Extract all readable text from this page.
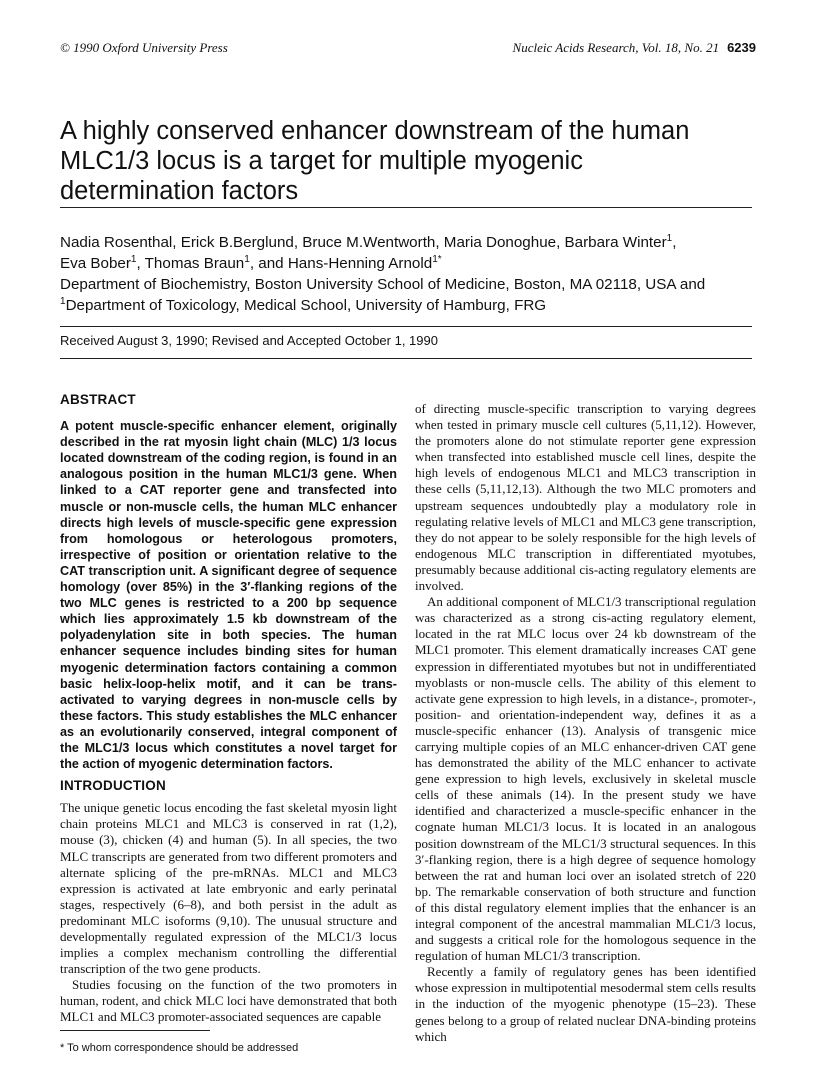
© 1990 Oxford University Press	Nucleic Acids Research, Vol. 18, No. 21 6239
A highly conserved enhancer downstream of the human
MLC1/3 locus is a target for multiple myogenic
determination factors
Nadia Rosenthal, Erick B.Berglund, Bruce M.Wentworth, Maria Donoghue, Barbara Winter$^1$,
Eva Bober$^1$, Thomas Braun$^1$, and Hans-Henning Arnold$^{1*}$
Department of Biochemistry, Boston University School of Medicine, Boston, MA 02118, USA and
$^1$Department of Toxicology, Medical School, University of Hamburg, FRG
Received August 3, 1990; Revised and Accepted October 1, 1990
ABSTRACT

A potent muscle-specific enhancer element, originally described in the rat myosin light chain (MLC) 1/3 locus located downstream of the coding region, is found in an analogous position in the human MLC1/3 gene. When linked to a CAT reporter gene and transfected into muscle or non-muscle cells, the human MLC enhancer directs high levels of muscle-specific gene expression from homologous or heterologous promoters, irrespective of position or orientation relative to the CAT transcription unit. A significant degree of sequence homology (over 85%) in the 3′-flanking regions of the two MLC genes is restricted to a 200 bp sequence which lies approximately 1.5 kb downstream of the polyadenylation site in both species. The human enhancer sequence includes binding sites for human myogenic determination factors containing a common basic helix-loop-helix motif, and it can be trans-activated to varying degrees in non-muscle cells by these factors. This study establishes the MLC enhancer as an evolutionarily conserved, integral component of the MLC1/3 locus which constitutes a novel target for the action of myogenic determination factors.

INTRODUCTION

The unique genetic locus encoding the fast skeletal myosin light chain proteins MLC1 and MLC3 is conserved in rat (1,2), mouse (3), chicken (4) and human (5). In all species, the two MLC transcripts are generated from two different promoters and alternate splicing of the pre-mRNAs. MLC1 and MLC3 expression is activated at late embryonic and early perinatal stages, respectively (6–8), and both persist in the adult as predominant MLC isoforms (9,10). The unusual structure and developmentally regulated expression of the MLC1/3 locus implies a complex mechanism controlling the differential transcription of the two gene products.

Studies focusing on the function of the two promoters in human, rodent, and chick MLC loci have demonstrated that both MLC1 and MLC3 promoter-associated sequences are capable

of directing muscle-specific transcription to varying degrees when tested in primary muscle cell cultures (5,11,12). However, the promoters alone do not stimulate reporter gene expression when transfected into established muscle cell lines, despite the high levels of endogenous MLC1 and MLC3 transcription in these cells (5,11,12,13). Although the two MLC promoters and upstream sequences undoubtedly play a modulatory role in regulating relative levels of MLC1 and MLC3 gene transcription, they do not appear to be solely responsible for the high levels of endogenous MLC transcription in differentiated myotubes, presumably because additional cis-acting regulatory elements are involved.

An additional component of MLC1/3 transcriptional regulation was characterized as a strong cis-acting regulatory element, located in the rat MLC locus over 24 kb downstream of the MLC1 promoter. This element dramatically increases CAT gene expression in differentiated myotubes but not in undifferentiated myoblasts or non-muscle cells. The ability of this element to activate gene expression to high levels, in a distance-, promoter-, position- and orientation-independent way, defines it as a muscle-specific enhancer (13). Analysis of transgenic mice carrying multiple copies of an MLC enhancer-driven CAT gene has demonstrated the ability of the MLC enhancer to activate gene expression to high levels, exclusively in skeletal muscle cells of these animals (14). In the present study we have identified and characterized a muscle-specific enhancer in the cognate human MLC1/3 locus. It is located in an analogous position downstream of the MLC1/3 structural sequences. In this 3′-flanking region, there is a high degree of sequence homology between the rat and human loci over an isolated stretch of 220 bp. The remarkable conservation of both structure and function of this distal regulatory element implies that the enhancer is an integral component of the ancestral mammalian MLC1/3 locus, and suggests a critical role for the homologous sequence in the regulation of human MLC1/3 transcription.

Recently a family of regulatory genes has been identified whose expression in multipotential mesodermal stem cells results in the induction of the myogenic phenotype (15–23). These genes belong to a group of related nuclear DNA-binding proteins which

* To whom correspondence should be addressed
